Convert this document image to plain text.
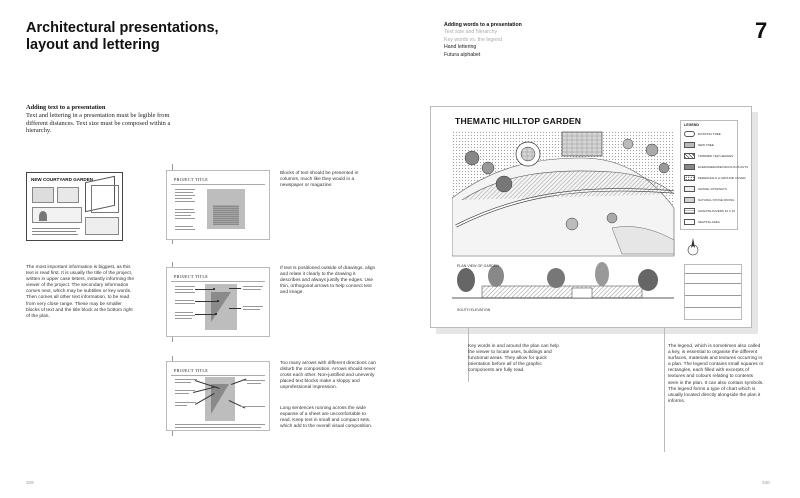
Architectural presentations,
layout and lettering
Adding text to a presentation
Text and lettering in a presentation must be legible from different distances. Text size must be composed within a hierarchy.
NEW COURTYARD GARDEN
The most important information is biggest, as this text is read first. It is usually the title of the project, written in upper case letters, instantly informing the viewer of the project. The secondary information comes next, which may be subtitles or key words. Then comes all other text information, to be read from very close range. These may be smaller blocks of text and the title block at the bottom right of the plan.
PROJECT TITLE
Blocks of text should be presented in columns, much like they would in a newspaper or magazine.
PROJECT TITLE
If text is positioned outside of drawings, align and relate it clearly to the drawing it describes and always justify the edges. Use thin, orthogonal arrows to help connect text and image.
PROJECT TITLE
Too many arrows with different directions can disturb the composition. Arrows should never cross each other. Non-justified and unevenly placed text blocks make a sloppy and unprofessional impression.
Long sentences running across the wide expanse of a sheet are uncomfortable to read. Keep text in small and compact sets, which add to the overall visual composition.
326
Adding words to a presentation
Text size and hierarchy
Key words vs. the legend
Hand lettering
Futura alphabet
7
THEMATIC HILLTOP GARDEN
PLAN VIEW OF GARDEN
SOUTH ELEVATION
LEGEND
EXISTING TREE
NEW TREE
TRIMMED YEW HEDGES
EVERGREEN/DECIDUOUS PLANTS
PERENNIALS & GROUND COVER
GRAVEL PATHWAYS
NATURAL STONE PAVING
GRANITE PAVERS 10 X 10
SEATING AREA
Key words in and around the plan can help the viewer to locate uses, buildings and functional areas. They allow for quick orientation before all of the graphic components are fully read.
The legend, which is sometimes also called a key, is essential to organise the different surfaces, materials and textures occurring in a plan. The legend contains small squares or rectangles, each filled with excerpts of textures and colours relating to contents seen in the plan. It can also contain symbols. The legend forms a type of chart which is usually located directly alongside the plan it informs.
330
